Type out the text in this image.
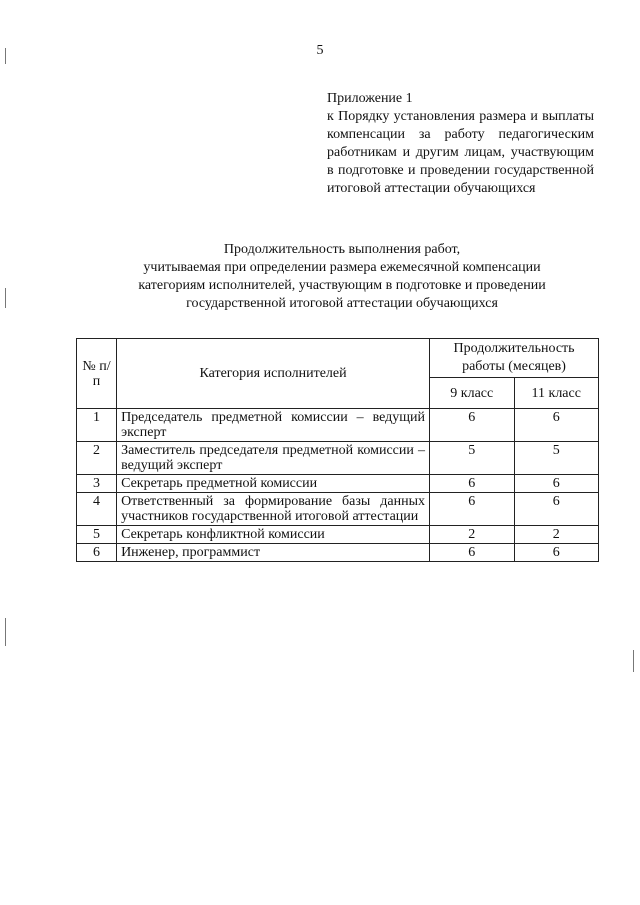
5
Приложение 1
к Порядку установления размера и выплаты компенсации за работу педагогическим работникам и другим лицам, участвующим в подготовке и проведении государственной итоговой аттестации обучающихся
Продолжительность выполнения работ,
учитываемая при определении размера ежемесячной компенсации
категориям исполнителей, участвующим в подготовке и проведении
государственной итоговой аттестации обучающихся
№ п/п	Категория исполнителей	Продолжительность работы (месяцев)	
		9 класс	11 класс
1	Председатель предметной комиссии – ведущий эксперт	6	6
2	Заместитель председателя предметной комиссии – ведущий эксперт	5	5
3	Секретарь предметной комиссии	6	6
4	Ответственный за формирование базы данных участников государственной итоговой аттестации	6	6
5	Секретарь конфликтной комиссии	2	2
6	Инженер, программист	6	6
